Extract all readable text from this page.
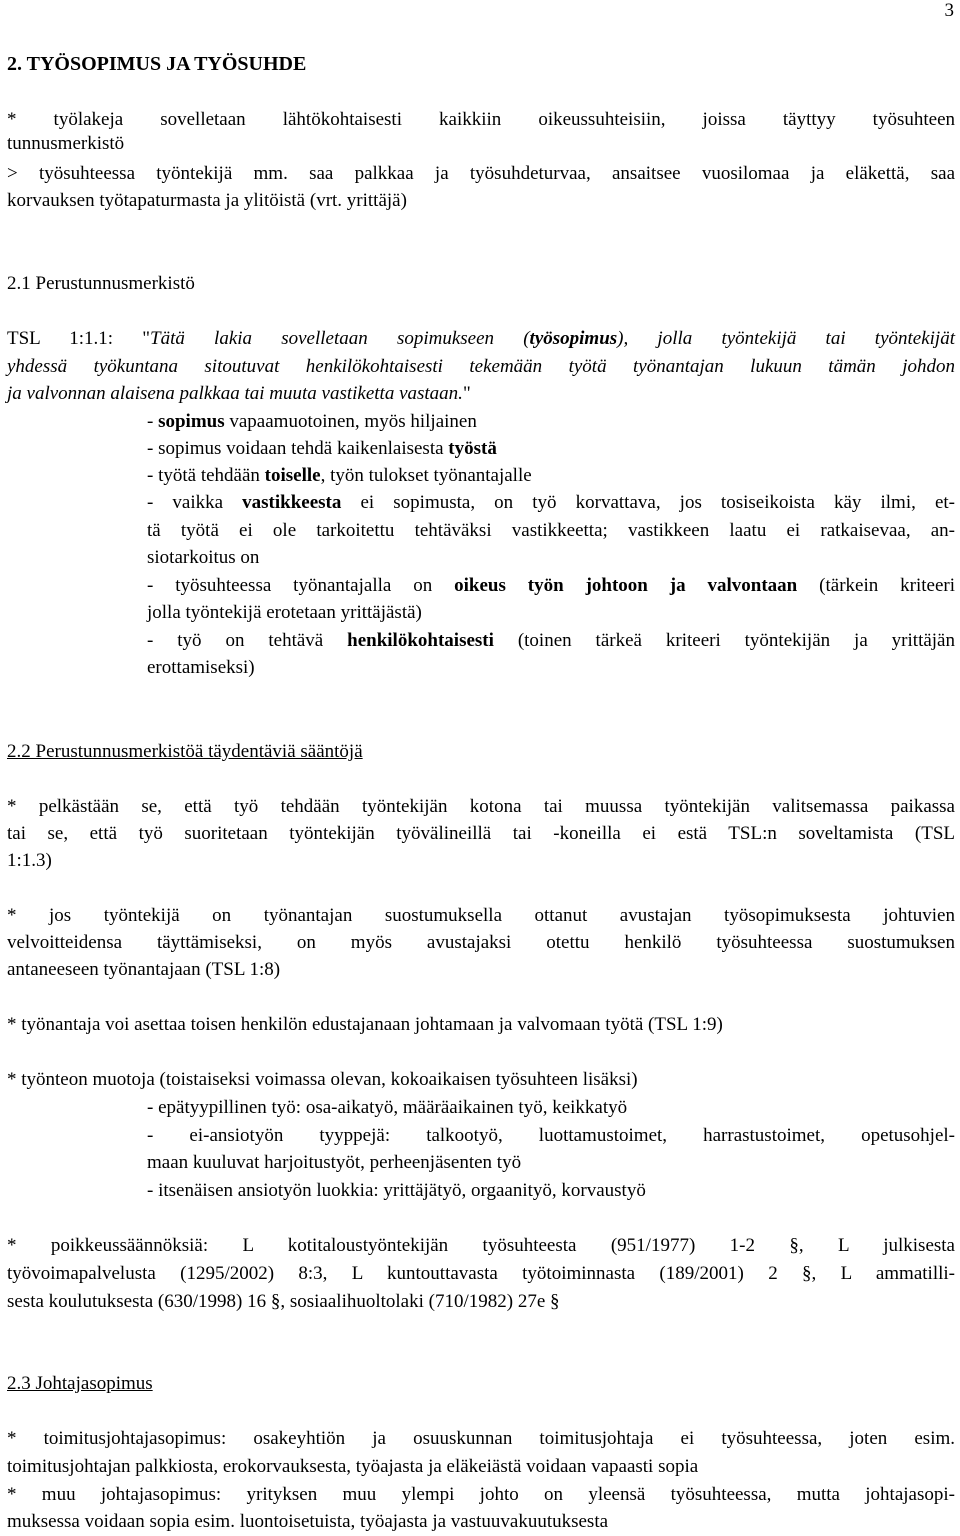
3
2. TYÖSOPIMUS JA TYÖSUHDE
* työlakeja sovelletaan lähtökohtaisesti kaikkiin oikeussuhteisiin, joissa täyttyy työsuhteen
tunnusmerkistö
> työsuhteessa työntekijä mm. saa palkkaa ja työsuhdeturvaa, ansaitsee vuosilomaa ja eläkettä, saa
korvauksen työtapaturmasta ja ylitöistä (vrt. yrittäjä)
2.1 Perustunnusmerkistö
TSL 1:1.1: "Tätä lakia sovelletaan sopimukseen (työsopimus), jolla työntekijä tai työntekijät
yhdessä työkuntana sitoutuvat henkilökohtaisesti tekemään työtä työnantajan lukuun tämän johdon
ja valvonnan alaisena palkkaa tai muuta vastiketta vastaan."
- sopimus vapaamuotoinen, myös hiljainen
- sopimus voidaan tehdä kaikenlaisesta työstä
- työtä tehdään toiselle, työn tulokset työnantajalle
- vaikka vastikkeesta ei sopimusta, on työ korvattava, jos tosiseikoista käy ilmi, et-
tä työtä ei ole tarkoitettu tehtäväksi vastikkeetta; vastikkeen laatu ei ratkaisevaa, an-
siotarkoitus on
- työsuhteessa työnantajalla on oikeus työn johtoon ja valvontaan (tärkein kriteeri
jolla työntekijä erotetaan yrittäjästä)
- työ on tehtävä henkilökohtaisesti (toinen tärkeä kriteeri työntekijän ja yrittäjän
erottamiseksi)
2.2 Perustunnusmerkistöä täydentäviä sääntöjä
* pelkästään se, että työ tehdään työntekijän kotona tai muussa työntekijän valitsemassa paikassa
tai se, että työ suoritetaan työntekijän työvälineillä tai -koneilla ei estä TSL:n soveltamista (TSL
1:1.3)
* jos työntekijä on työnantajan suostumuksella ottanut avustajan työsopimuksesta johtuvien
velvoitteidensa täyttämiseksi, on myös avustajaksi otettu henkilö työsuhteessa suostumuksen
antaneeseen työnantajaan (TSL 1:8)
* työnantaja voi asettaa toisen henkilön edustajanaan johtamaan ja valvomaan työtä (TSL 1:9)
* työnteon muotoja (toistaiseksi voimassa olevan, kokoaikaisen työsuhteen lisäksi)
- epätyypillinen työ: osa-aikatyö, määräaikainen työ, keikkatyö
- ei-ansiotyön tyyppejä: talkootyö, luottamustoimet, harrastustoimet, opetusohjel-
maan kuuluvat harjoitustyöt, perheenjäsenten työ
- itsenäisen ansiotyön luokkia: yrittäjätyö, orgaanityö, korvaustyö
* poikkeussäännöksiä: L kotitaloustyöntekijän työsuhteesta (951/1977) 1-2 §, L julkisesta
työvoimapalvelusta (1295/2002) 8:3, L kuntouttavasta työtoiminnasta (189/2001) 2 §, L ammatilli-
sesta koulutuksesta (630/1998) 16 §, sosiaalihuoltolaki (710/1982) 27e §
2.3 Johtajasopimus
* toimitusjohtajasopimus: osakeyhtiön ja osuuskunnan toimitusjohtaja ei työsuhteessa, joten esim.
toimitusjohtajan palkkiosta, erokorvauksesta, työajasta ja eläkeiästä voidaan vapaasti sopia
* muu johtajasopimus: yrityksen muu ylempi johto on yleensä työsuhteessa, mutta johtajasopi-
muksessa voidaan sopia esim. luontoisetuista, työajasta ja vastuuvakuutuksesta
